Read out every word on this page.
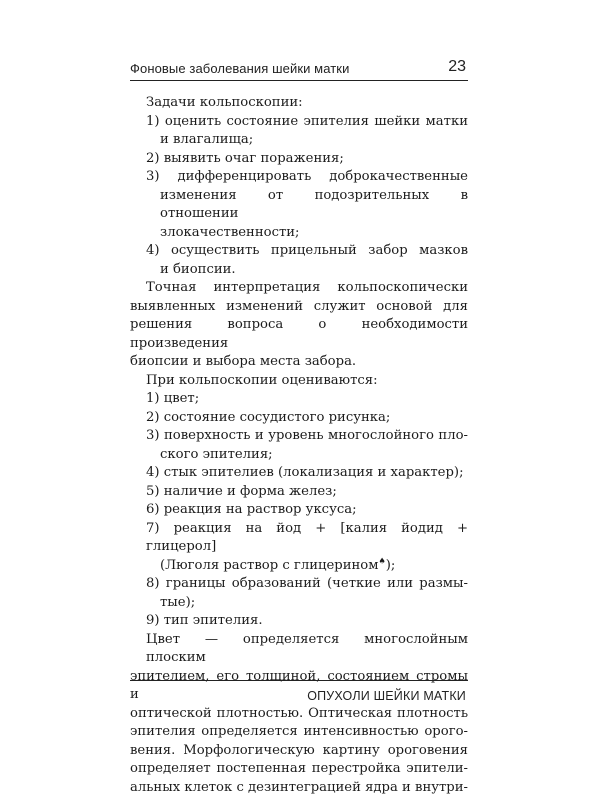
Фоновые заболевания шейки матки	23
Задачи кольпоскопии:
1) оценить состояние эпителия шейки матки
и влагалища;
2) выявить очаг поражения;
3) дифференцировать доброкачественные
изменения от подозрительных в отношении
злокачественности;
4) осуществить прицельный забор мазков
и биопсии.
Точная интерпретация кольпоскопически
выявленных изменений служит основой для
решения вопроса о необходимости произведения
биопсии и выбора места забора.
При кольпоскопии оцениваются:
1) цвет;
2) состояние сосудистого рисунка;
3) поверхность и уровень многослойного пло-
ского эпителия;
4) стык эпителиев (локализация и характер);
5) наличие и форма желез;
6) реакция на раствор уксуса;
7) реакция на йод + [калия йодид + глицерол]
(Люголя раствор с глицерином♠);
8) границы образований (четкие или размы-
тые);
9) тип эпителия.
Цвет — определяется многослойным плоским
эпителием, его толщиной, состоянием стромы и
оптической плотностью. Оптическая плотность
эпителия определяется интенсивностью орого-
вения. Морфологическую картину ороговения
определяет постепенная перестройка эпители-
альных клеток с дезинтеграцией ядра и внутри-
ОПУХОЛИ ШЕЙКИ МАТКИ
